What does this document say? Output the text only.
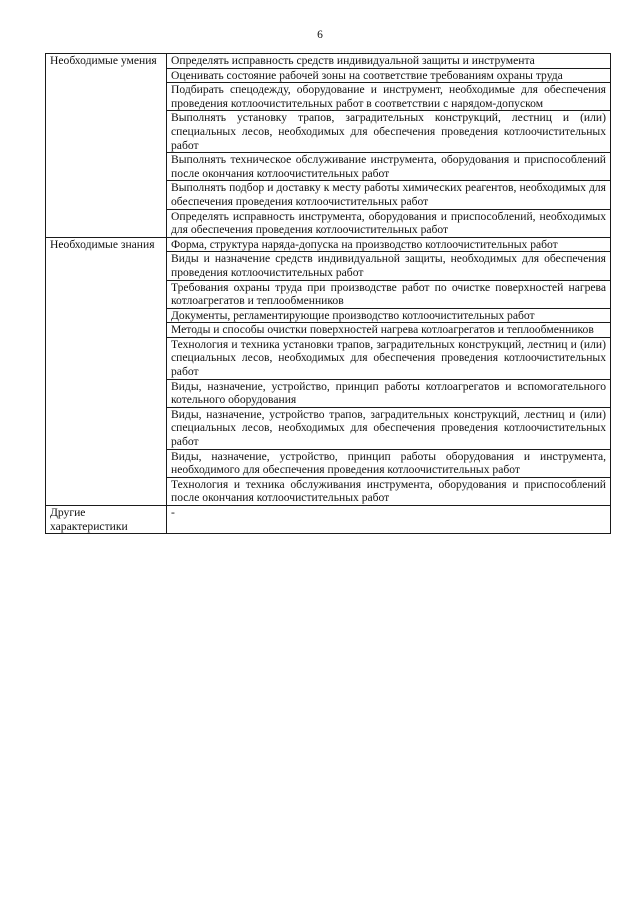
6
Необходимые умения	Определять исправность средств индивидуальной защиты и инструмента
	Оценивать состояние рабочей зоны на соответствие требованиям охраны труда
	Подбирать спецодежду, оборудование и инструмент, необходимые для обеспечения проведения котлоочистительных работ в соответствии с нарядом-допуском
	Выполнять установку трапов, заградительных конструкций, лестниц и (или) специальных лесов, необходимых для обеспечения проведения котлоочистительных работ
	Выполнять техническое обслуживание инструмента, оборудования и приспособлений после окончания котлоочистительных работ
	Выполнять подбор и доставку к месту работы химических реагентов, необходимых для обеспечения проведения котлоочистительных работ
	Определять исправность инструмента, оборудования и приспособлений, необходимых для обеспечения проведения котлоочистительных работ
Необходимые знания	Форма, структура наряда-допуска на производство котлоочистительных работ
	Виды и назначение средств индивидуальной защиты, необходимых для обеспечения проведения котлоочистительных работ
	Требования охраны труда при производстве работ по очистке поверхностей нагрева котлоагрегатов и теплообменников
	Документы, регламентирующие производство котлоочистительных работ
	Методы и способы очистки поверхностей нагрева котлоагрегатов и теплообменников
	Технология и техника установки трапов, заградительных конструкций, лестниц и (или) специальных лесов, необходимых для обеспечения проведения котлоочистительных работ
	Виды, назначение, устройство, принцип работы котлоагрегатов и вспомогательного котельного оборудования
	Виды, назначение, устройство трапов, заградительных конструкций, лестниц и (или) специальных лесов, необходимых для обеспечения проведения котлоочистительных работ
	Виды, назначение, устройство, принцип работы оборудования и инструмента, необходимого для обеспечения проведения котлоочистительных работ
	Технология и техника обслуживания инструмента, оборудования и приспособлений после окончания котлоочистительных работ
Другие характеристики	-
